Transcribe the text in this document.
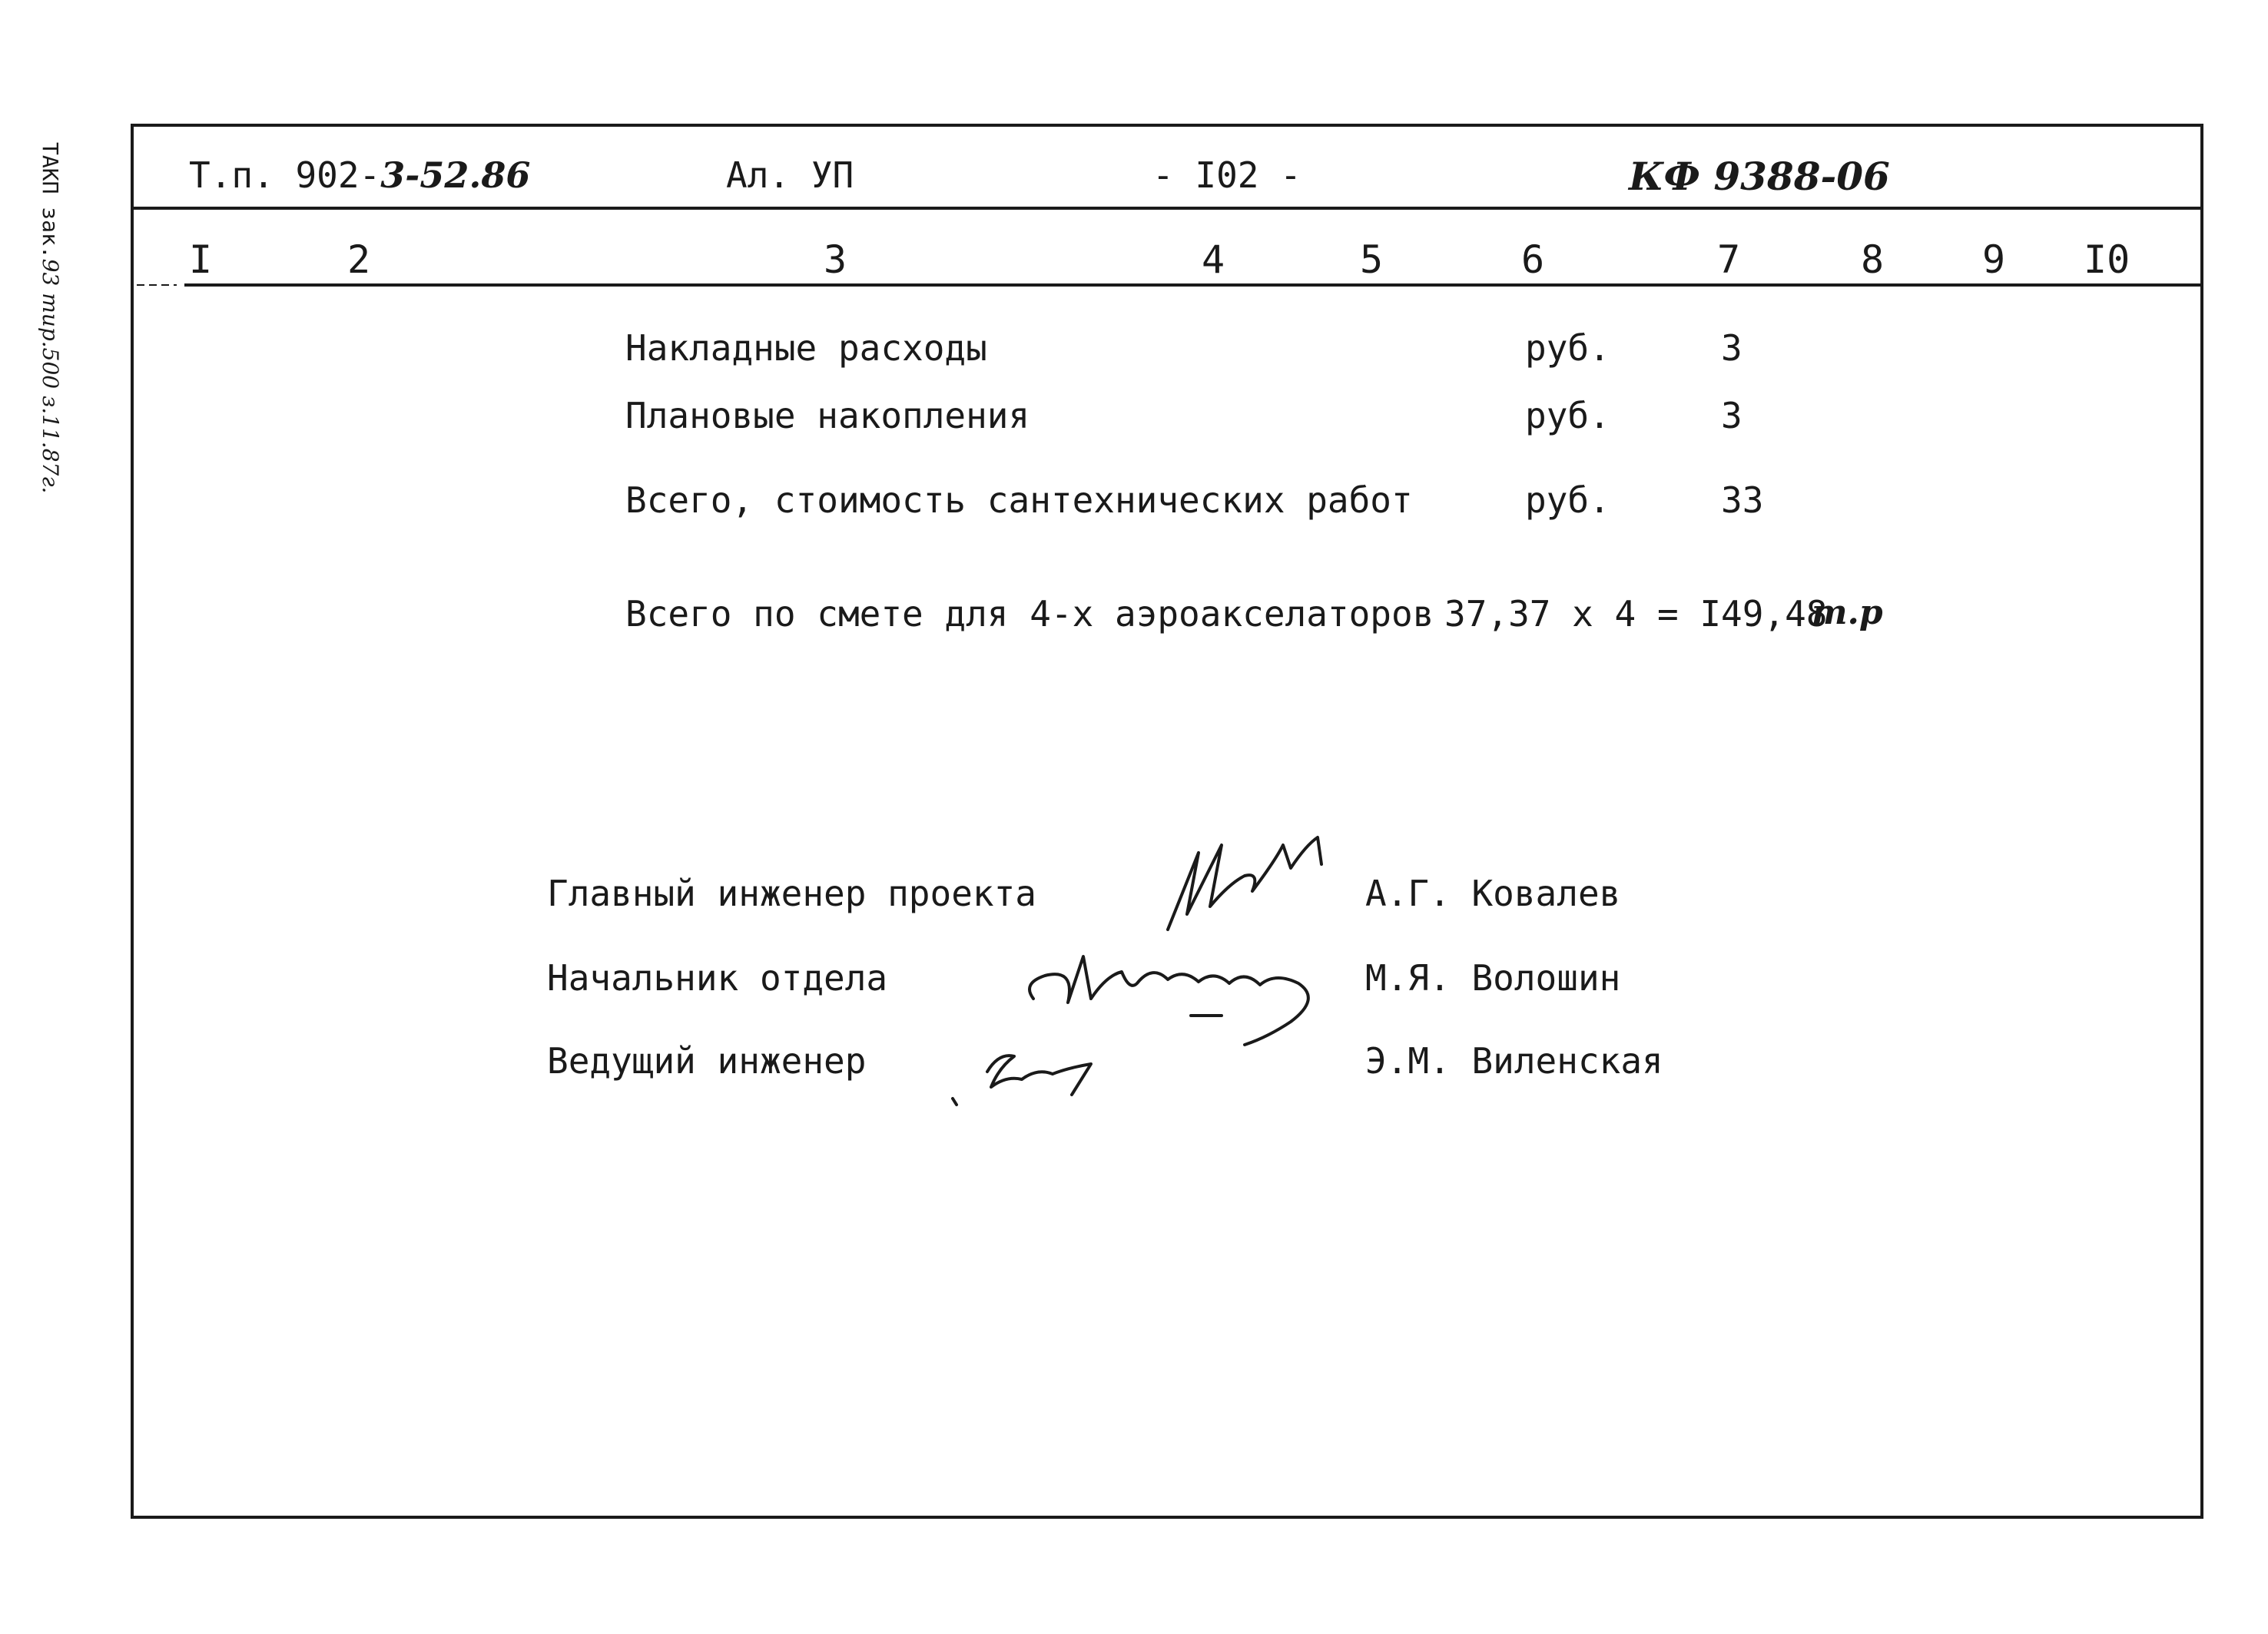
ТАКП зак.93 тир.500 з.11.87г.
Т.п. 902-3-52.86	Ал. УП	- I02 -	КФ 9388-06
I	2	3	4	5	6	7	8	9 I0
Накладные расходы	руб.	3
Плановые накопления	руб.	3
Всего, стоимость сантехнических работ	руб.	33
Всего по смете для 4-х аэроакселаторов 37,37 x 4 = I49,48
т.р
Главный инженер проекта	А.Г. Ковалев
Начальник отдела	М.Я. Волошин
Ведущий инженер	Э.М. Виленская
